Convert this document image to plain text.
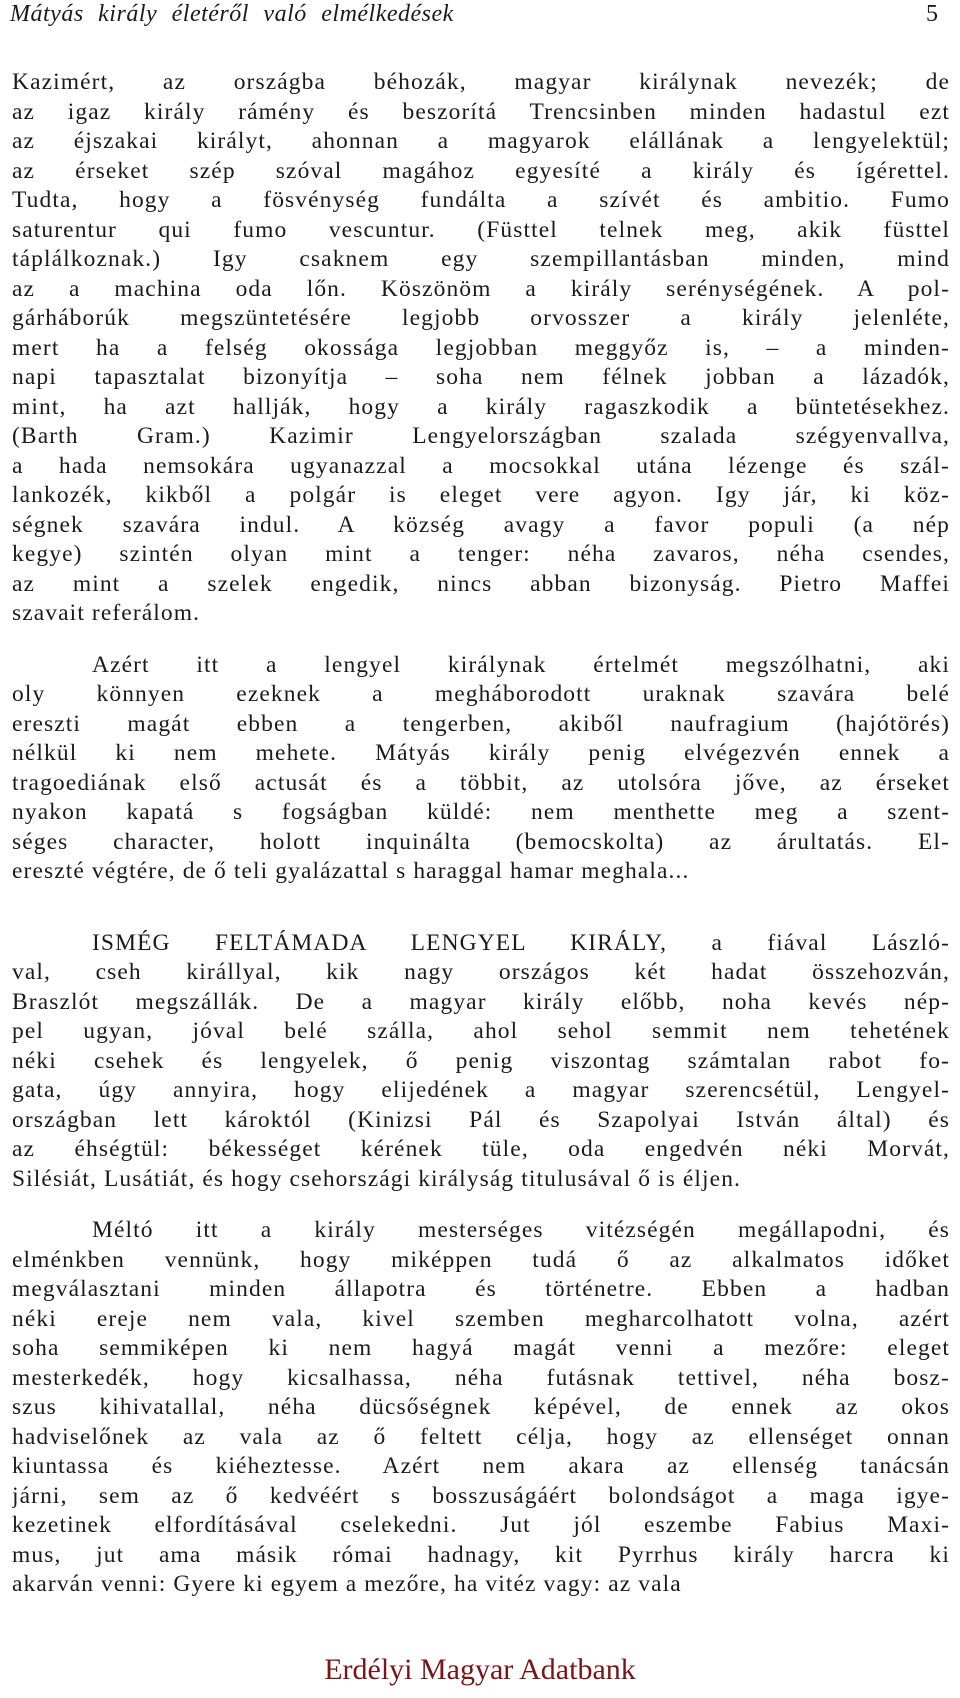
Mátyás király életéről való elmélkedések	5
Kazimért, az országba béhozák, magyar királynak nevezék; de
az igaz király rámény és beszorítá Trencsinben minden hadastul ezt
az éjszakai királyt, ahonnan a magyarok elállának a lengyelektül;
az érseket szép szóval magához egyesíté a király és ígérettel.
Tudta, hogy a fösvénység fundálta a szívét és ambitio. Fumo
saturentur qui fumo vescuntur. (Füsttel telnek meg, akik füsttel
táplálkoznak.) Igy csaknem egy szempillantásban minden, mind
az a machina oda lőn. Köszönöm a király serénységének. A pol-
gárháborúk megszüntetésére legjobb orvosszer a király jelenléte,
mert ha a felség okossága legjobban meggyőz is, – a minden-
napi tapasztalat bizonyítja – soha nem félnek jobban a lázadók,
mint, ha azt hallják, hogy a király ragaszkodik a büntetésekhez.
(Barth Gram.) Kazimir Lengyelországban szalada szégyenvallva,
a hada nemsokára ugyanazzal a mocsokkal utána lézenge és szál-
lankozék, kikből a polgár is eleget vere agyon. Igy jár, ki köz-
ségnek szavára indul. A község avagy a favor populi (a nép
kegye) szintén olyan mint a tenger: néha zavaros, néha csendes,
az mint a szelek engedik, nincs abban bizonyság. Pietro Maffei
szavait referálom.
Azért itt a lengyel királynak értelmét megszólhatni, aki
oly könnyen ezeknek a megháborodott uraknak szavára belé
ereszti magát ebben a tengerben, akiből naufragium (hajótörés)
nélkül ki nem mehete. Mátyás király penig elvégezvén ennek a
tragoediának első actusát és a többit, az utolsóra jőve, az érseket
nyakon kapatá s fogságban küldé: nem menthette meg a szent-
séges character, holott inquinálta (bemocskolta) az árultatás. El-
ereszté végtére, de ő teli gyalázattal s haraggal hamar meghala...
ISMÉG FELTÁMADA LENGYEL KIRÁLY, a fiával László-
val, cseh királlyal, kik nagy országos két hadat összehozván,
Braszlót megszállák. De a magyar király előbb, noha kevés nép-
pel ugyan, jóval belé szálla, ahol sehol semmit nem tehetének
néki csehek és lengyelek, ő penig viszontag számtalan rabot fo-
gata, úgy annyira, hogy elijedének a magyar szerencsétül, Lengyel-
országban lett károktól (Kinizsi Pál és Szapolyai István által) és
az éhségtül: békességet kérének tüle, oda engedvén néki Morvát,
Silésiát, Lusátiát, és hogy csehországi királyság titulusával ő is éljen.
Méltó itt a király mesterséges vitézségén megállapodni, és
elménkben vennünk, hogy miképpen tudá ő az alkalmatos időket
megválasztani minden állapotra és történetre. Ebben a hadban
néki ereje nem vala, kivel szemben megharcolhatott volna, azért
soha semmiképen ki nem hagyá magát venni a mezőre: eleget
mesterkedék, hogy kicsalhassa, néha futásnak tettivel, néha bosz-
szus kihivatallal, néha dücsőségnek képével, de ennek az okos
hadviselőnek az vala az ő feltett célja, hogy az ellenséget onnan
kiuntassa és kiéheztesse. Azért nem akara az ellenség tanácsán
járni, sem az ő kedvéért s bosszuságáért bolondságot a maga igye-
kezetinek elfordításával cselekedni. Jut jól eszembe Fabius Maxi-
mus, jut ama másik római hadnagy, kit Pyrrhus király harcra ki
akarván venni: Gyere ki egyem a mezőre, ha vitéz vagy: az vala
Erdélyi Magyar Adatbank
